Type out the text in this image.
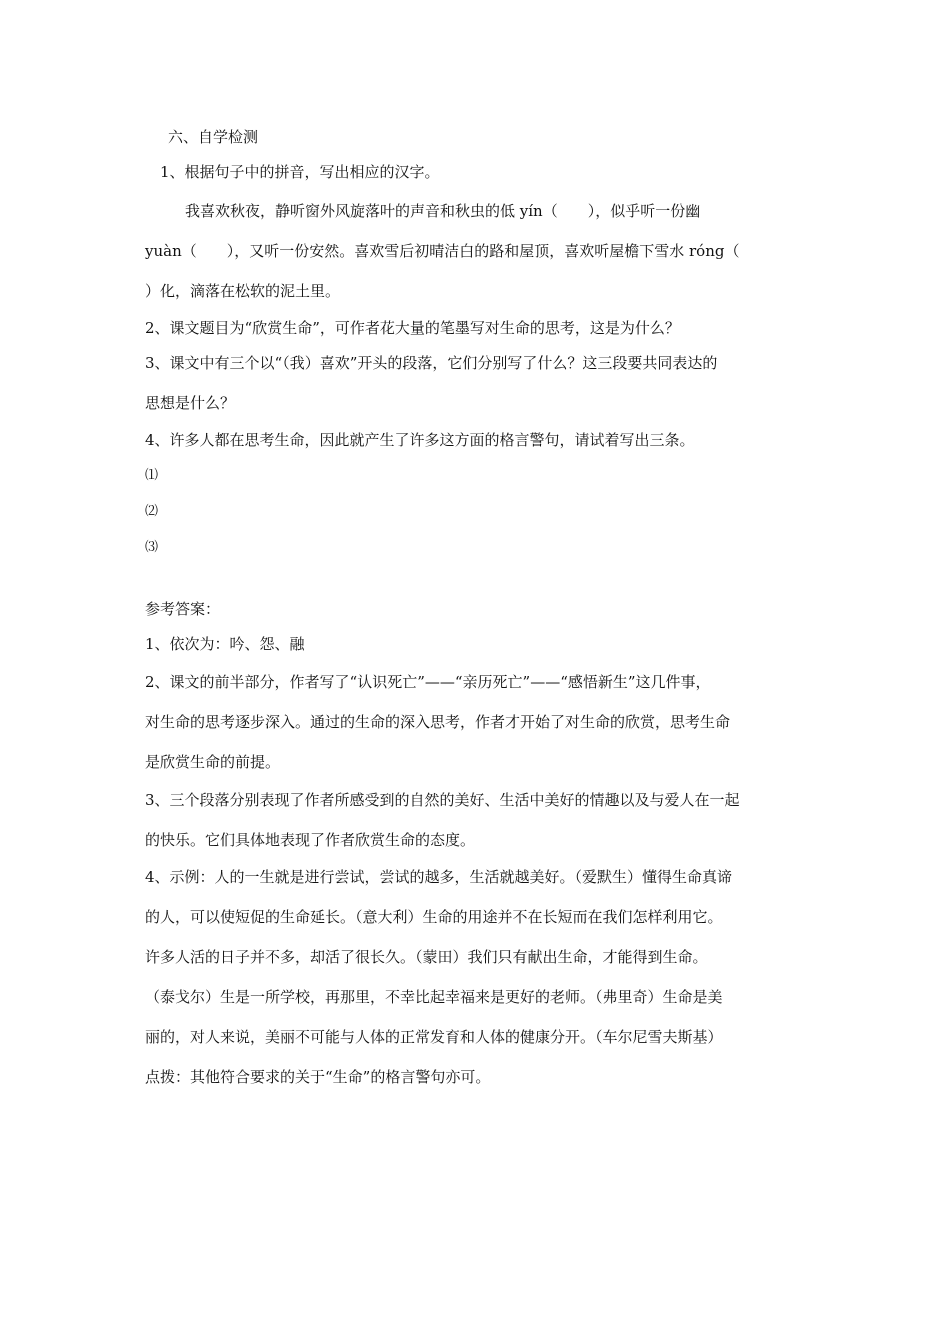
六、自学检测
1、根据句子中的拼音，写出相应的汉字。
我喜欢秋夜，静听窗外风旋落叶的声音和秋虫的低 yín（　　），似乎听一份幽
yuàn（　　），又听一份安然。喜欢雪后初晴洁白的路和屋顶，喜欢听屋檐下雪水 róng（
）化，滴落在松软的泥土里。
2、课文题目为“欣赏生命”，可作者花大量的笔墨写对生命的思考，这是为什么？
3、课文中有三个以“（我）喜欢”开头的段落，它们分别写了什么？这三段要共同表达的
思想是什么？
4、许多人都在思考生命，因此就产生了许多这方面的格言警句，请试着写出三条。
⑴
⑵
⑶
参考答案：
1、依次为：吟、怨、融
2、课文的前半部分，作者写了“认识死亡”——“亲历死亡”——“感悟新生”这几件事，
对生命的思考逐步深入。通过的生命的深入思考，作者才开始了对生命的欣赏，思考生命
是欣赏生命的前提。
3、三个段落分别表现了作者所感受到的自然的美好、生活中美好的情趣以及与爱人在一起
的快乐。它们具体地表现了作者欣赏生命的态度。
4、示例：人的一生就是进行尝试，尝试的越多，生活就越美好。（爱默生）懂得生命真谛
的人，可以使短促的生命延长。（意大利）生命的用途并不在长短而在我们怎样利用它。
许多人活的日子并不多，却活了很长久。（蒙田）我们只有献出生命，才能得到生命。
（泰戈尔）生是一所学校，再那里，不幸比起幸福来是更好的老师。（弗里奇）生命是美
丽的，对人来说，美丽不可能与人体的正常发育和人体的健康分开。（车尔尼雪夫斯基）
点拨：其他符合要求的关于“生命”的格言警句亦可。
